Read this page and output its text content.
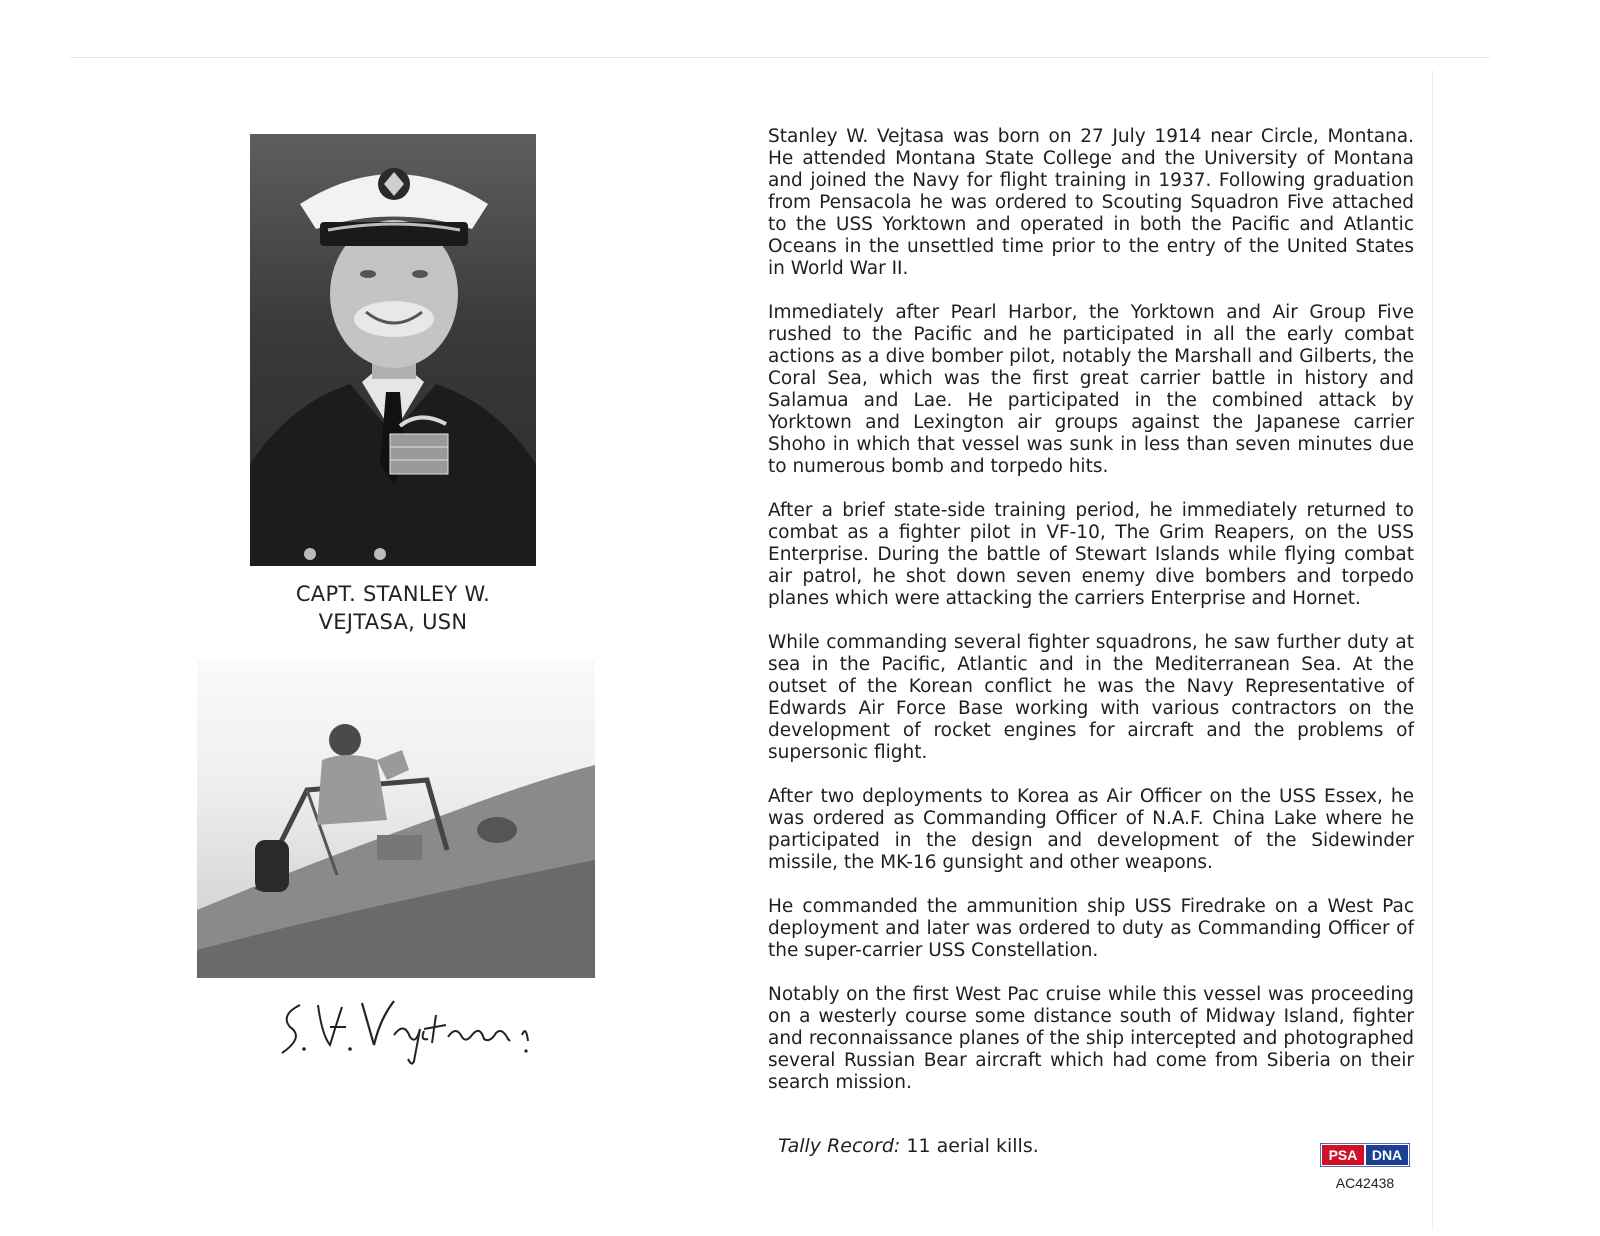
CAPT. STANLEY W.
VEJTASA, USN

Stanley W. Vejtasa was born on 27 July 1914 near Circle, Montana. He attended Montana State College and the University of Montana and joined the Navy for flight training in 1937. Following graduation from Pensacola he was ordered to Scouting Squadron Five attached to the USS Yorktown and operated in both the Pacific and Atlantic Oceans in the unsettled time prior to the entry of the United States in World War II.

Immediately after Pearl Harbor, the Yorktown and Air Group Five rushed to the Pacific and he participated in all the early combat actions as a dive bomber pilot, notably the Marshall and Gilberts, the Coral Sea, which was the first great carrier battle in history and Salamua and Lae. He participated in the combined attack by Yorktown and Lexington air groups against the Japanese carrier Shoho in which that vessel was sunk in less than seven minutes due to numerous bomb and torpedo hits.

After a brief state-side training period, he immediately returned to combat as a fighter pilot in VF-10, The Grim Reapers, on the USS Enterprise. During the battle of Stewart Islands while flying combat air patrol, he shot down seven enemy dive bombers and torpedo planes which were attacking the carriers Enterprise and Hornet.

While commanding several fighter squadrons, he saw further duty at sea in the Pacific, Atlantic and in the Mediterranean Sea. At the outset of the Korean conflict he was the Navy Representative of Edwards Air Force Base working with various contractors on the development of rocket engines for aircraft and the problems of supersonic flight.

After two deployments to Korea as Air Officer on the USS Essex, he was ordered as Commanding Officer of N.A.F. China Lake where he participated in the design and development of the Sidewinder missile, the MK-16 gunsight and other weapons.

He commanded the ammunition ship USS Firedrake on a West Pac deployment and later was ordered to duty as Commanding Officer of the super-carrier USS Constellation.

Notably on the first West Pac cruise while this vessel was proceeding on a westerly course some distance south of Midway Island, fighter and reconnaissance planes of the ship intercepted and photographed several Russian Bear aircraft which had come from Siberia on their search mission.

Tally Record: 11 aerial kills.	PSA DNA
AC42438
